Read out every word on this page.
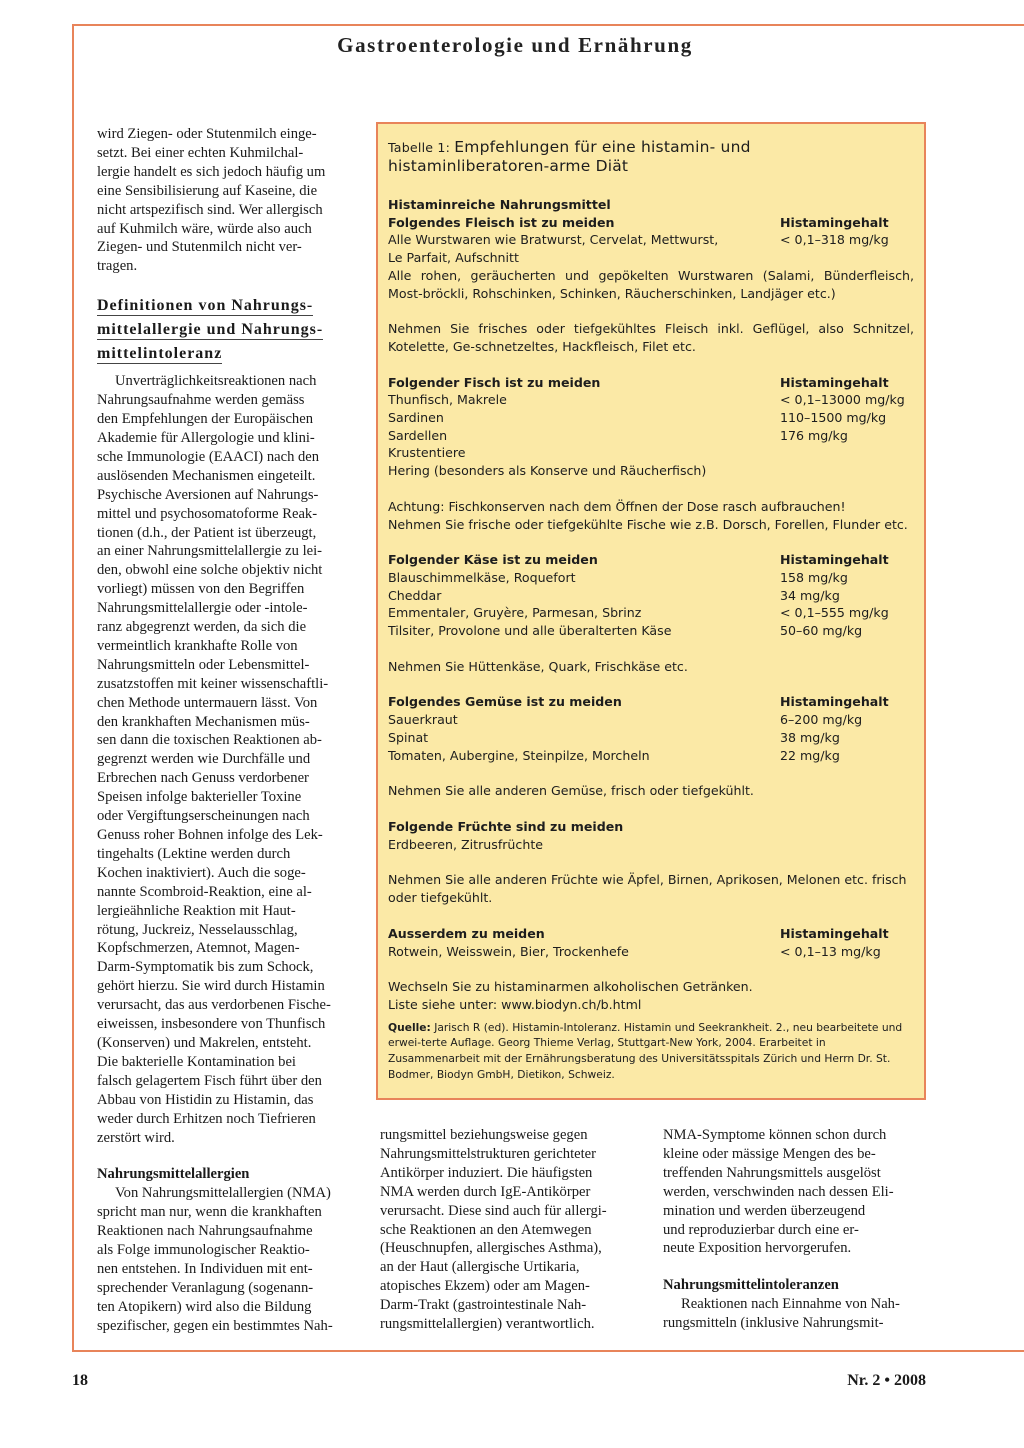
Gastroenterologie und Ernährung
wird Ziegen- oder Stutenmilch einge-
setzt. Bei einer echten Kuhmilchal-
lergie handelt es sich jedoch häufig um
eine Sensibilisierung auf Kaseine, die
nicht artspezifisch sind. Wer allergisch
auf Kuhmilch wäre, würde also auch
Ziegen- und Stutenmilch nicht ver-
tragen.
Definitionen von Nahrungs-
mittelallergie und Nahrungs-
mittelintoleranz
Unverträglichkeitsreaktionen nach
Nahrungsaufnahme werden gemäss
den Empfehlungen der Europäischen
Akademie für Allergologie und klini-
sche Immunologie (EAACI) nach den
auslösenden Mechanismen eingeteilt.
Psychische Aversionen auf Nahrungs-
mittel und psychosomatoforme Reak-
tionen (d.h., der Patient ist überzeugt,
an einer Nahrungsmittelallergie zu lei-
den, obwohl eine solche objektiv nicht
vorliegt) müssen von den Begriffen
Nahrungsmittelallergie oder -intole-
ranz abgegrenzt werden, da sich die
vermeintlich krankhafte Rolle von
Nahrungsmitteln oder Lebensmittel-
zusatzstoffen mit keiner wissenschaftli-
chen Methode untermauern lässt. Von
den krankhaften Mechanismen müs-
sen dann die toxischen Reaktionen ab-
gegrenzt werden wie Durchfälle und
Erbrechen nach Genuss verdorbener
Speisen infolge bakterieller Toxine
oder Vergiftungserscheinungen nach
Genuss roher Bohnen infolge des Lek-
tingehalts (Lektine werden durch
Kochen inaktiviert). Auch die soge-
nannte Scombroid-Reaktion, eine al-
lergieähnliche Reaktion mit Haut-
rötung, Juckreiz, Nesselausschlag,
Kopfschmerzen, Atemnot, Magen-
Darm-Symptomatik bis zum Schock,
gehört hierzu. Sie wird durch Histamin
verursacht, das aus verdorbenen Fische-
eiweissen, insbesondere von Thunfisch
(Konserven) und Makrelen, entsteht.
Die bakterielle Kontamination bei
falsch gelagertem Fisch führt über den
Abbau von Histidin zu Histamin, das
weder durch Erhitzen noch Tiefrieren
zerstört wird.
Nahrungsmittelallergien
Von Nahrungsmittelallergien (NMA)
spricht man nur, wenn die krankhaften
Reaktionen nach Nahrungsaufnahme
als Folge immunologischer Reaktio-
nen entstehen. In Individuen mit ent-
sprechender Veranlagung (sogenann-
ten Atopikern) wird also die Bildung
spezifischer, gegen ein bestimmtes Nah-
Tabelle 1: Empfehlungen für eine histamin- und histaminliberatoren-arme Diät
Histaminreiche Nahrungsmittel
Folgendes Fleisch ist zu meiden	Histamingehalt
Alle Wurstwaren wie Bratwurst, Cervelat, Mettwurst,	< 0,1–318 mg/kg
Le Parfait, Aufschnitt
Alle rohen, geräucherten und gepökelten Wurstwaren (Salami, Bünderfleisch, Most-bröckli, Rohschinken, Schinken, Räucherschinken, Landjäger etc.)
Nehmen Sie frisches oder tiefgekühltes Fleisch inkl. Geflügel, also Schnitzel, Kotelette, Ge-schnetzeltes, Hackfleisch, Filet etc.
Folgender Fisch ist zu meiden	Histamingehalt
Thunfisch, Makrele	< 0,1–13000 mg/kg
Sardinen	110–1500 mg/kg
Sardellen	176 mg/kg
Krustentiere
Hering (besonders als Konserve und Räucherfisch)
Achtung: Fischkonserven nach dem Öffnen der Dose rasch aufbrauchen!
Nehmen Sie frische oder tiefgekühlte Fische wie z.B. Dorsch, Forellen, Flunder etc.
Folgender Käse ist zu meiden	Histamingehalt
Blauschimmelkäse, Roquefort	158 mg/kg
Cheddar	34 mg/kg
Emmentaler, Gruyère, Parmesan, Sbrinz	< 0,1–555 mg/kg
Tilsiter, Provolone und alle überalterten Käse	50–60 mg/kg
Nehmen Sie Hüttenkäse, Quark, Frischkäse etc.
Folgendes Gemüse ist zu meiden	Histamingehalt
Sauerkraut	6–200 mg/kg
Spinat	38 mg/kg
Tomaten, Aubergine, Steinpilze, Morcheln	22 mg/kg
Nehmen Sie alle anderen Gemüse, frisch oder tiefgekühlt.
Folgende Früchte sind zu meiden
Erdbeeren, Zitrusfrüchte
Nehmen Sie alle anderen Früchte wie Äpfel, Birnen, Aprikosen, Melonen etc. frisch oder tiefgekühlt.
Ausserdem zu meiden	Histamingehalt
Rotwein, Weisswein, Bier, Trockenhefe	< 0,1–13 mg/kg
Wechseln Sie zu histaminarmen alkoholischen Getränken.
Liste siehe unter: www.biodyn.ch/b.html
Quelle: Jarisch R (ed). Histamin-Intoleranz. Histamin und Seekrankheit. 2., neu bearbeitete und erwei-terte Auflage. Georg Thieme Verlag, Stuttgart-New York, 2004. Erarbeitet in Zusammenarbeit mit der Ernährungsberatung des Universitätsspitals Zürich und Herrn Dr. St. Bodmer, Biodyn GmbH, Dietikon, Schweiz.
rungsmittel beziehungsweise gegen
Nahrungsmittelstrukturen gerichteter
Antikörper induziert. Die häufigsten
NMA werden durch IgE-Antikörper
verursacht. Diese sind auch für allergi-
sche Reaktionen an den Atemwegen
(Heuschnupfen, allergisches Asthma),
an der Haut (allergische Urtikaria,
atopisches Ekzem) oder am Magen-
Darm-Trakt (gastrointestinale Nah-
rungsmittelallergien) verantwortlich.
NMA-Symptome können schon durch
kleine oder mässige Mengen des be-
treffenden Nahrungsmittels ausgelöst
werden, verschwinden nach dessen Eli-
mination und werden überzeugend
und reproduzierbar durch eine er-
neute Exposition hervorgerufen.
Nahrungsmittelintoleranzen
Reaktionen nach Einnahme von Nah-
rungsmitteln (inklusive Nahrungsmit-
18	Nr. 2 • 2008
